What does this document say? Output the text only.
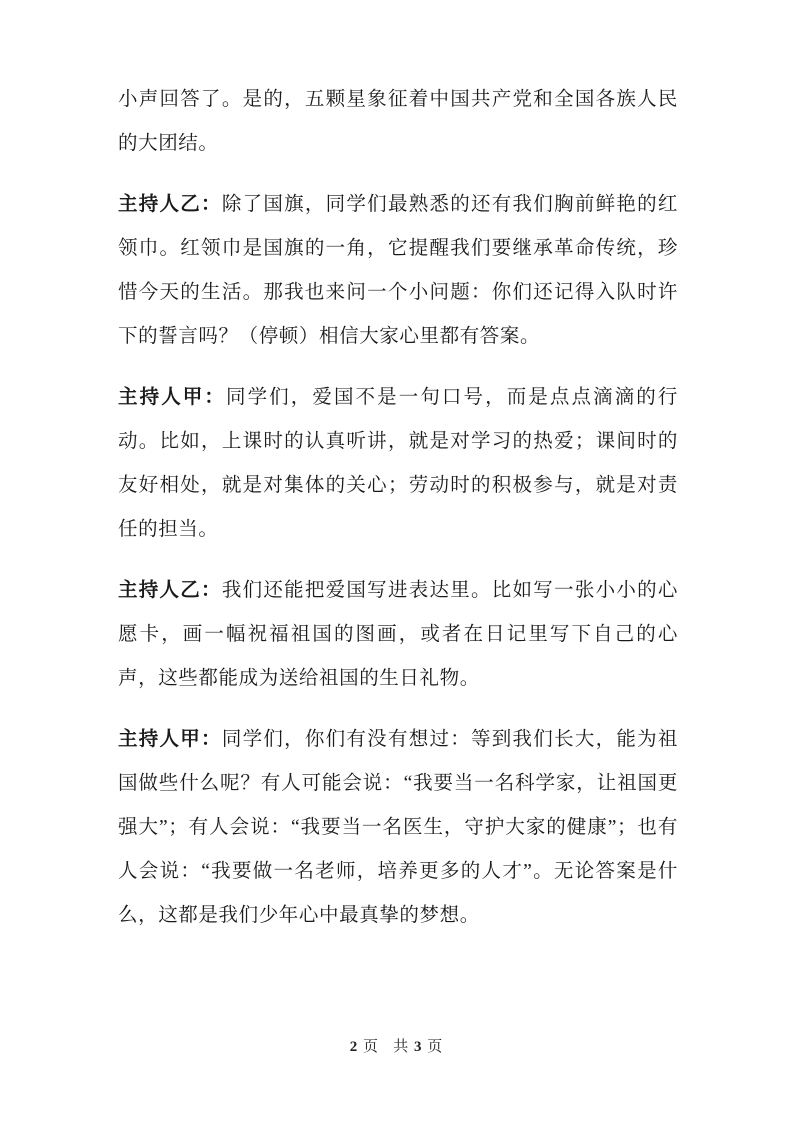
小声回答了。是的，五颗星象征着中国共产党和全国各族人民的大团结。

主持人乙：除了国旗，同学们最熟悉的还有我们胸前鲜艳的红领巾。红领巾是国旗的一角，它提醒我们要继承革命传统，珍惜今天的生活。那我也来问一个小问题：你们还记得入队时许下的誓言吗？（停顿）相信大家心里都有答案。

主持人甲：同学们，爱国不是一句口号，而是点点滴滴的行动。比如，上课时的认真听讲，就是对学习的热爱；课间时的友好相处，就是对集体的关心；劳动时的积极参与，就是对责任的担当。

主持人乙：我们还能把爱国写进表达里。比如写一张小小的心愿卡，画一幅祝福祖国的图画，或者在日记里写下自己的心声，这些都能成为送给祖国的生日礼物。

主持人甲：同学们，你们有没有想过：等到我们长大，能为祖国做些什么呢？有人可能会说：“我要当一名科学家，让祖国更强大”；有人会说：“我要当一名医生，守护大家的健康”；也有人会说：“我要做一名老师，培养更多的人才”。无论答案是什么，这都是我们少年心中最真挚的梦想。

2 页 共 3 页
